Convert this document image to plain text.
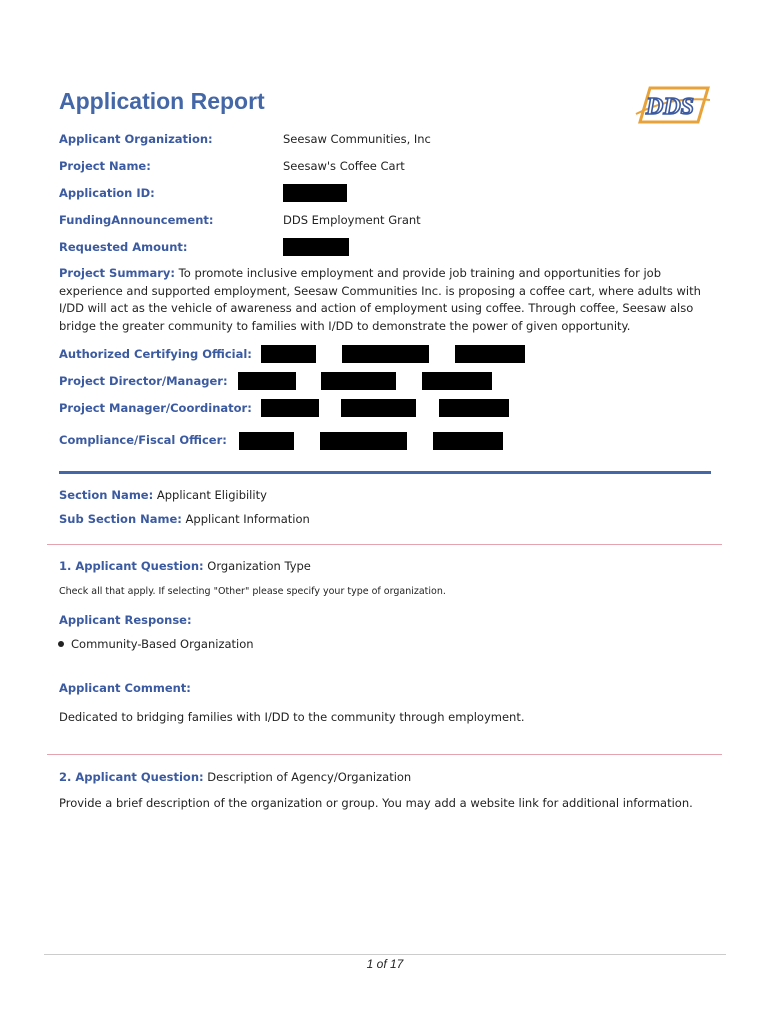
Application Report	DDS
Applicant Organization:	Seesaw Communities, Inc
Project Name:	Seesaw's Coffee Cart
Application ID:
FundingAnnouncement:	DDS Employment Grant
Requested Amount:
Project Summary: To promote inclusive employment and provide job training and opportunities for job experience and supported employment, Seesaw Communities Inc. is proposing a coffee cart, where adults with I/DD will act as the vehicle of awareness and action of employment using coffee. Through coffee, Seesaw also bridge the greater community to families with I/DD to demonstrate the power of given opportunity.
Authorized Certifying Official:
Project Director/Manager:
Project Manager/Coordinator:
Compliance/Fiscal Officer:
Section Name: Applicant Eligibility
Sub Section Name: Applicant Information
1. Applicant Question: Organization Type
Check all that apply. If selecting "Other" please specify your type of organization.
Applicant Response:
Community-Based Organization
Applicant Comment:
Dedicated to bridging families with I/DD to the community through employment.
2. Applicant Question: Description of Agency/Organization
Provide a brief description of the organization or group. You may add a website link for additional information.
1 of 17
